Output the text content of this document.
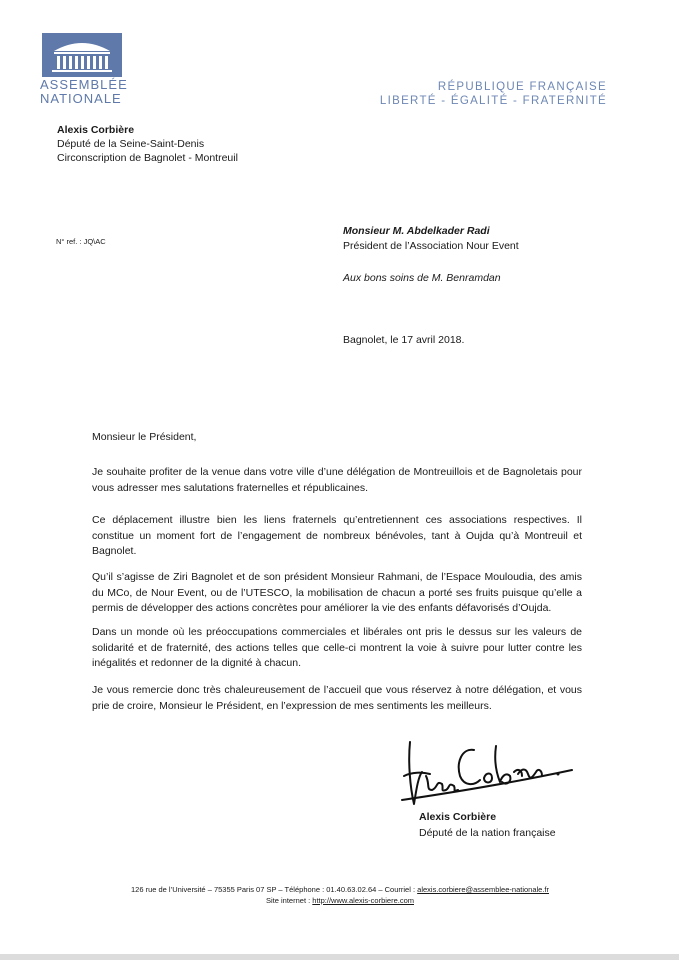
ASSEMBLÉE
NATIONALE
RÉPUBLIQUE FRANÇAISE
LIBERTÉ - ÉGALITÉ - FRATERNITÉ
Alexis Corbière
Député de la Seine-Saint-Denis
Circonscription de Bagnolet - Montreuil
N° ref. : JQ\AC
Monsieur M. Abdelkader Radi
Président de l’Association Nour Event
Aux bons soins de M. Benramdan
Bagnolet, le 17 avril 2018.
Monsieur le Président,
Je souhaite profiter de la venue dans votre ville d’une délégation de Montreuillois et de Bagnoletais pour vous adresser mes salutations fraternelles et républicaines.
Ce déplacement illustre bien les liens fraternels qu’entretiennent ces associations respectives. Il constitue un moment fort de l’engagement de nombreux bénévoles, tant à Oujda qu’à Montreuil et Bagnolet.
Qu’il s’agisse de Ziri Bagnolet et de son président Monsieur Rahmani, de l’Espace Mouloudia, des amis du MCo, de Nour Event, ou de l’UTESCO, la mobilisation de chacun a porté ses fruits puisque qu’elle a permis de développer des actions concrètes pour améliorer la vie des enfants défavorisés d’Oujda.
Dans un monde où les préoccupations commerciales et libérales ont pris le dessus sur les valeurs de solidarité et de fraternité, des actions telles que celle-ci montrent la voie à suivre pour lutter contre les inégalités et redonner de la dignité à chacun.
Je vous remercie donc très chaleureusement de l’accueil que vous réservez à notre délégation, et vous prie de croire, Monsieur le Président, en l’expression de mes sentiments les meilleurs.
Alexis Corbière
Député de la nation française
126 rue de l’Université – 75355 Paris 07 SP – Téléphone : 01.40.63.02.64 – Courriel : alexis.corbiere@assemblee-nationale.fr
Site internet : http://www.alexis-corbiere.com
